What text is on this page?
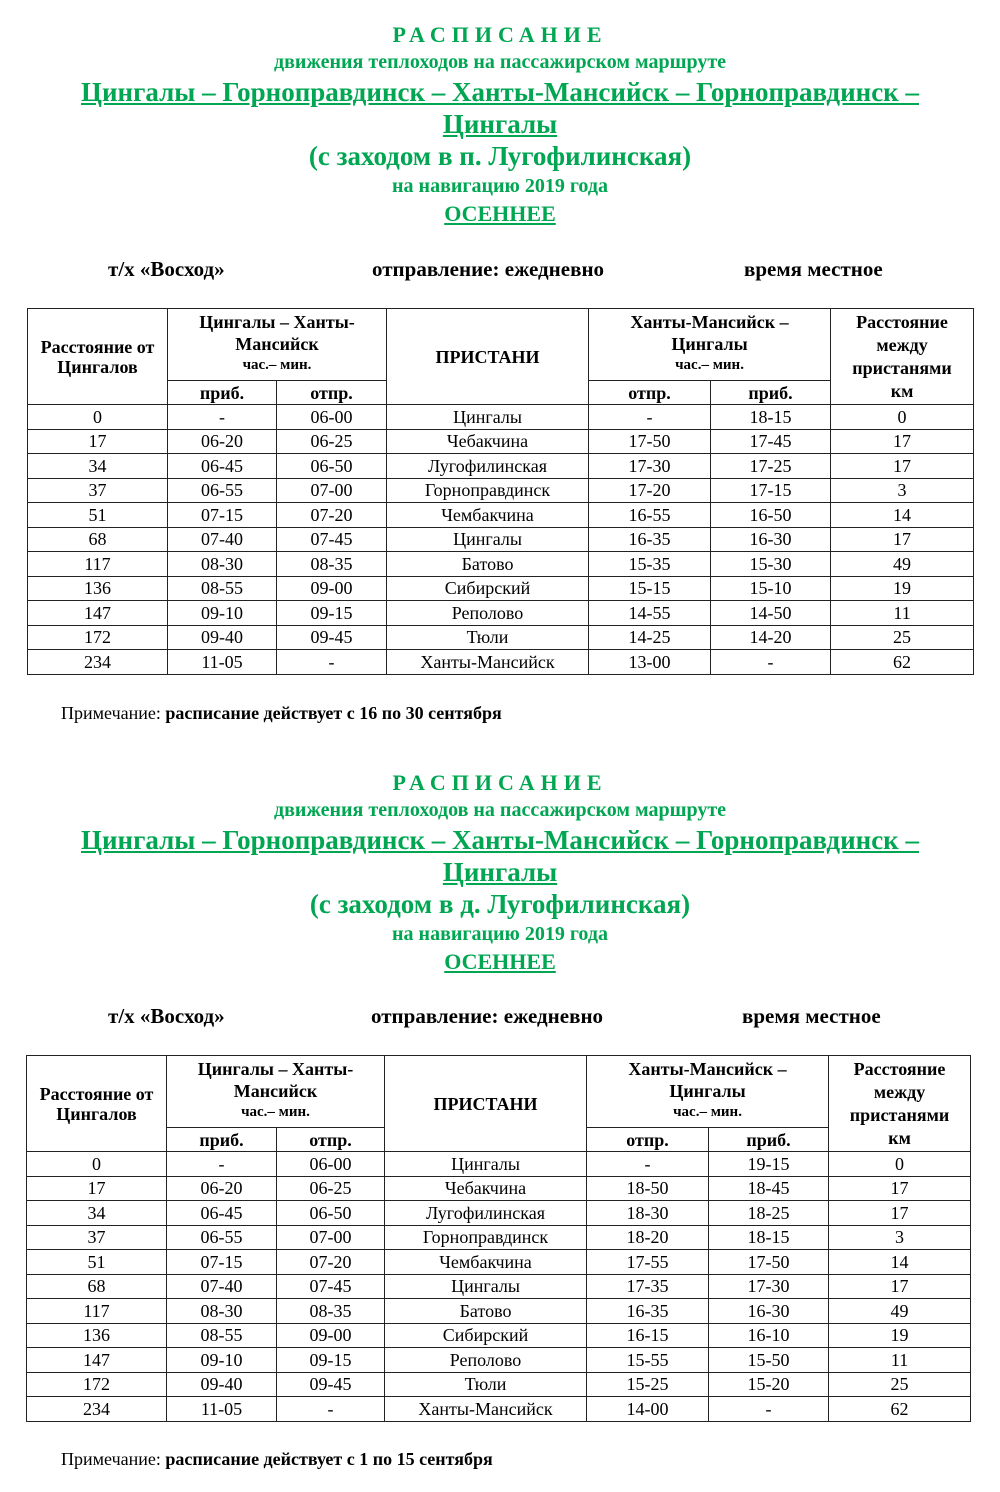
РАСПИСАНИЕ
движения теплоходов на пассажирском маршруте
Цингалы – Горноправдинск – Ханты-Мансийск – Горноправдинск –
Цингалы
(с заходом в п. Лугофилинская)
на навигацию 2019 года
ОСЕННЕЕ
т/х «Восход»	отправление: ежедневно	время местное
Расстояние от Цингалов	
Цингалы – Ханты-Мансийск
час.– мин.	ПРИСТАНИ	
Ханты-Мансийск – Цингалы
час.– мин.

Расстояние между пристанями
км

	приб.	отпр.		отпр.	приб.	
0	-	06-00	Цингалы	-	18-15	0
17	06-20	06-25	Чебакчина	17-50	17-45	17
34	06-45	06-50	Лугофилинская	17-30	17-25	17
37	06-55	07-00	Горноправдинск	17-20	17-15	3
51	07-15	07-20	Чембакчина	16-55	16-50	14
68	07-40	07-45	Цингалы	16-35	16-30	17
117	08-30	08-35	Батово	15-35	15-30	49
136	08-55	09-00	Сибирский	15-15	15-10	19
147	09-10	09-15	Реполово	14-55	14-50	11
172	09-40	09-45	Тюли	14-25	14-20	25
234	11-05	-	Ханты-Мансийск	13-00	-	62
Примечание: расписание действует с 16 по 30 сентября
РАСПИСАНИЕ
движения теплоходов на пассажирском маршруте
Цингалы – Горноправдинск – Ханты-Мансийск – Горноправдинск –
Цингалы
(с заходом в д. Лугофилинская)
на навигацию 2019 года
ОСЕННЕЕ
т/х «Восход»	отправление: ежедневно	время местное
Расстояние от Цингалов	
Цингалы – Ханты-Мансийск
час.– мин.	ПРИСТАНИ	
Ханты-Мансийск – Цингалы
час.– мин.

Расстояние между пристанями
км

	приб.	отпр.		отпр.	приб.	
0	-	06-00	Цингалы	-	19-15	0
17	06-20	06-25	Чебакчина	18-50	18-45	17
34	06-45	06-50	Лугофилинская	18-30	18-25	17
37	06-55	07-00	Горноправдинск	18-20	18-15	3
51	07-15	07-20	Чембакчина	17-55	17-50	14
68	07-40	07-45	Цингалы	17-35	17-30	17
117	08-30	08-35	Батово	16-35	16-30	49
136	08-55	09-00	Сибирский	16-15	16-10	19
147	09-10	09-15	Реполово	15-55	15-50	11
172	09-40	09-45	Тюли	15-25	15-20	25
234	11-05	-	Ханты-Мансийск	14-00	-	62
Примечание: расписание действует с 1 по 15 сентября
